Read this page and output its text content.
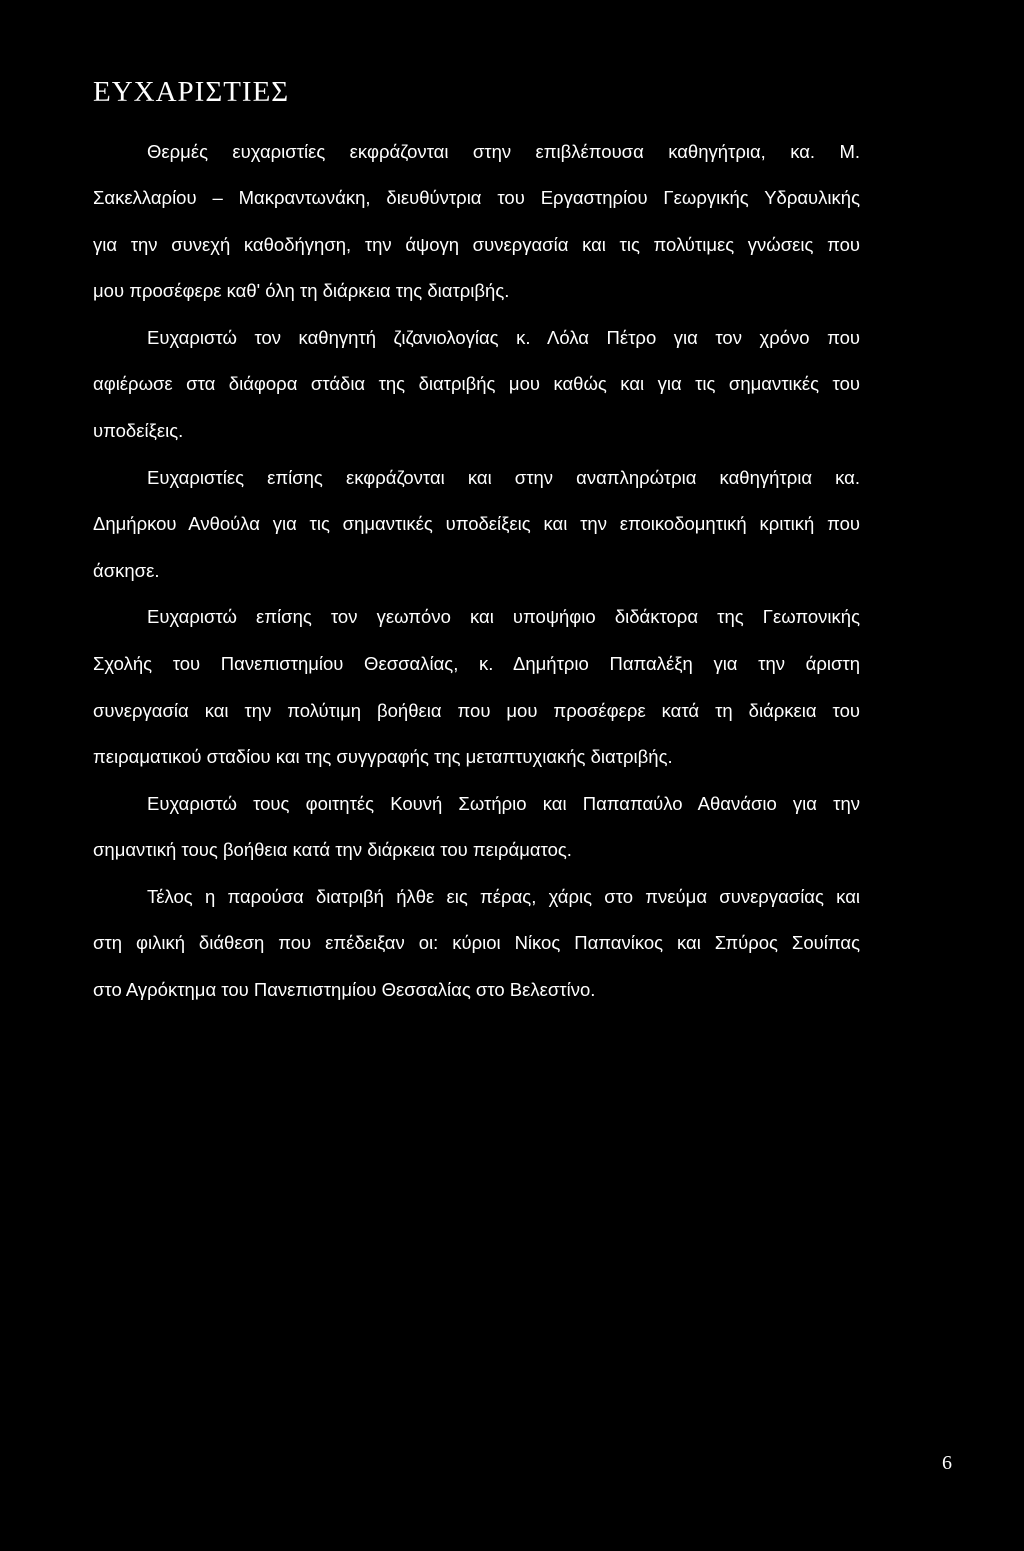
ΕΥΧΑΡΙΣΤΙΕΣ
Θερμές ευχαριστίες εκφράζονται στην επιβλέπουσα καθηγήτρια, κα. Μ.
Σακελλαρίου – Μακραντωνάκη, διευθύντρια του Εργαστηρίου Γεωργικής Υδραυλικής
για την συνεχή καθοδήγηση, την άψογη συνεργασία και τις πολύτιμες γνώσεις που
μου προσέφερε καθ' όλη τη διάρκεια της διατριβής.
Ευχαριστώ τον καθηγητή ζιζανιολογίας κ. Λόλα Πέτρο για τον χρόνο που
αφιέρωσε στα διάφορα στάδια της διατριβής μου καθώς και για τις σημαντικές του
υποδείξεις.
Ευχαριστίες επίσης εκφράζονται και στην αναπληρώτρια καθηγήτρια κα.
Δημήρκου Ανθούλα για τις σημαντικές υποδείξεις και την εποικοδομητική κριτική που
άσκησε.
Ευχαριστώ επίσης τον γεωπόνο και υποψήφιο διδάκτορα της Γεωπονικής
Σχολής του Πανεπιστημίου Θεσσαλίας, κ. Δημήτριο Παπαλέξη για την άριστη
συνεργασία και την πολύτιμη βοήθεια που μου προσέφερε κατά τη διάρκεια του
πειραματικού σταδίου και της συγγραφής της μεταπτυχιακής διατριβής.
Ευχαριστώ τους φοιτητές Κουνή Σωτήριο και Παπαπαύλο Αθανάσιο για την
σημαντική τους βοήθεια κατά την διάρκεια του πειράματος.
Τέλος η παρούσα διατριβή ήλθε εις πέρας, χάρις στο πνεύμα συνεργασίας και
στη φιλική διάθεση που επέδειξαν οι: κύριοι Νίκος Παπανίκος και Σπύρος Σουίπας
στο Αγρόκτημα του Πανεπιστημίου Θεσσαλίας στο Βελεστίνο.
6
